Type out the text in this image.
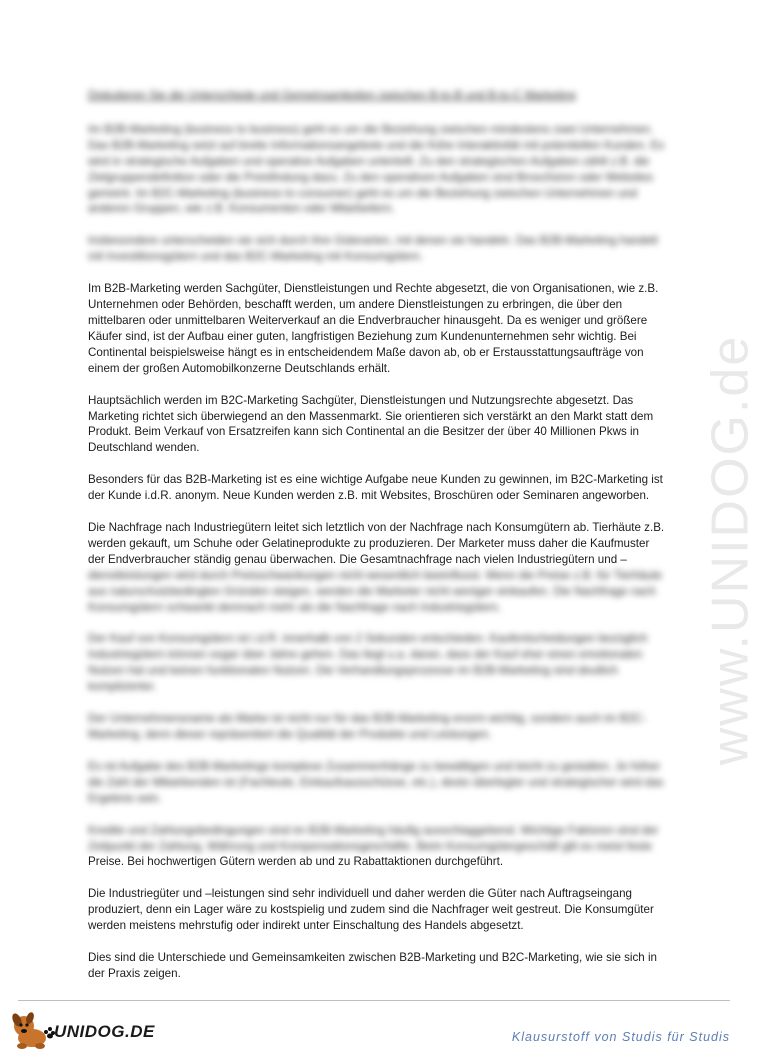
Diskutieren Sie die Unterschiede und Gemeinsamkeiten zwischen B-to-B und B-to-C Marketing

Im B2B-Marketing (business to business) geht es um die Beziehung zwischen mindestens zwei Unternehmen. Das B2B-Marketing setzt auf breite Informationsangebote und die frühe Interaktivität mit potentiellen Kunden. Es wird in strategische Aufgaben und operative Aufgaben unterteilt. Zu den strategischen Aufgaben zählt z.B. die Zielgruppendefinition oder die Preisfindung dazu. Zu den operativen Aufgaben sind Broschüren oder Websites gemeint. Im B2C-Marketing (business to consumer) geht es um die Beziehung zwischen Unternehmen und anderen Gruppen, wie z.B. Konsumenten oder Mitarbeitern.

Insbesondere unterscheiden sie sich durch ihre Güterarten, mit denen sie handeln. Das B2B-Marketing handelt mit Investitionsgütern und das B2C-Marketing mit Konsumgütern.

Im B2B-Marketing werden Sachgüter, Dienstleistungen und Rechte abgesetzt, die von Organisationen, wie z.B. Unternehmen oder Behörden, beschafft werden, um andere Dienstleistungen zu erbringen, die über den mittelbaren oder unmittelbaren Weiterverkauf an die Endverbraucher hinausgeht. Da es weniger und größere Käufer sind, ist der Aufbau einer guten, langfristigen Beziehung zum Kundenunternehmen sehr wichtig. Bei Continental beispielsweise hängt es in entscheidendem Maße davon ab, ob er Erstausstattungsaufträge von einem der großen Automobilkonzerne Deutschlands erhält.

Hauptsächlich werden im B2C-Marketing Sachgüter, Dienstleistungen und Nutzungsrechte abgesetzt. Das Marketing richtet sich überwiegend an den Massenmarkt. Sie orientieren sich verstärkt an den Markt statt dem Produkt. Beim Verkauf von Ersatzreifen kann sich Continental an die Besitzer der über 40 Millionen Pkws in Deutschland wenden.

Besonders für das B2B-Marketing ist es eine wichtige Aufgabe neue Kunden zu gewinnen, im B2C-Marketing ist der Kunde i.d.R. anonym. Neue Kunden werden z.B. mit Websites, Broschüren oder Seminaren angeworben.

Die Nachfrage nach Industriegütern leitet sich letztlich von der Nachfrage nach Konsumgütern ab. Tierhäute z.B. werden gekauft, um Schuhe oder Gelatineprodukte zu produzieren. Der Marketer muss daher die Kaufmuster der Endverbraucher ständig genau überwachen. Die Gesamtnachfrage nach vielen Industriegütern und – dienstleistungen wird durch Preisschwankungen nicht wesentlich beeinflusst. Wenn die Preise z.B. für Tierhäute aus naturschutzbedingten Gründen steigen, werden die Marketer nicht weniger einkaufen. Die Nachfrage nach Konsumgütern schwankt demnach mehr als die Nachfrage nach Industriegütern.

Der Kauf von Konsumgütern ist i.d.R. innerhalb von 2 Sekunden entschieden. Kaufentscheidungen bezüglich Industriegütern können sogar über Jahre gehen. Das liegt u.a. daran, dass der Kauf eher einen emotionalen Nutzen hat und keinen funktionalen Nutzen. Die Verhandlungsprozesse im B2B-Marketing sind deutlich komplizierter.

Der Unternehmensname als Marke ist nicht nur für das B2B-Marketing enorm wichtig, sondern auch im B2C-Marketing, denn dieser repräsentiert die Qualität der Produkte und Leistungen.

Es ist Aufgabe des B2B-Marketings komplexe Zusammenhänge zu bewältigen und leicht zu gestalten. Je höher die Zahl der Mitwirkenden ist (Fachleute, Einkaufsausschüsse, etc.), desto überlegter und strategischer wird das Ergebnis sein.

Kredite und Zahlungsbedingungen sind im B2B-Marketing häufig ausschlaggebend. Wichtige Faktoren sind der Zeitpunkt der Zahlung, Währung und Kompensationsgeschäfte. Beim Konsumgütergeschäft gilt es meist feste Preise. Bei hochwertigen Gütern werden ab und zu Rabattaktionen durchgeführt.

Die Industriegüter und –leistungen sind sehr individuell und daher werden die Güter nach Auftragseingang produziert, denn ein Lager wäre zu kostspielig und zudem sind die Nachfrager weit gestreut. Die Konsumgüter werden meistens mehrstufig oder indirekt unter Einschaltung des Handels abgesetzt.

Dies sind die Unterschiede und Gemeinsamkeiten zwischen B2B-Marketing und B2C-Marketing, wie sie sich in der Praxis zeigen.

www.UNIDOG.de
UNIDOG.DE	Klausurstoff von Studis für Studis
